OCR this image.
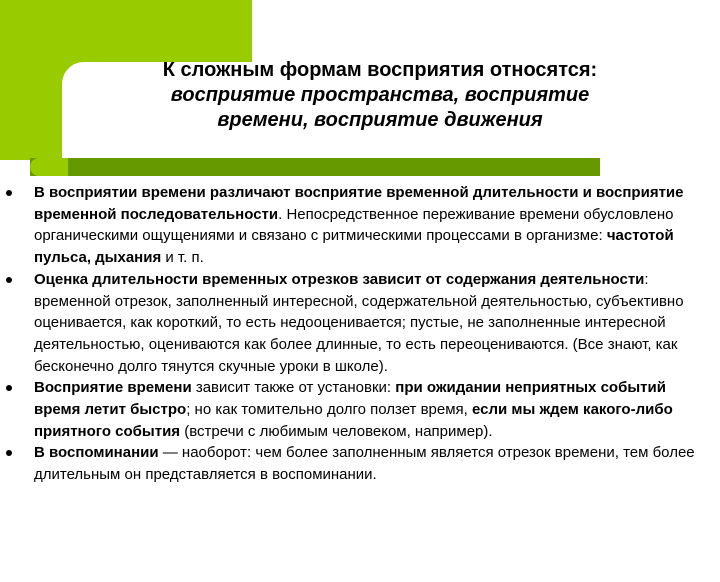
К сложным формам восприятия относятся:
восприятие пространства, восприятие
времени, восприятие движения
В восприятии времени различают восприятие временной длительности и восприятие временной последовательности. Непосредственное переживание времени обусловлено органическими ощущениями и связано с ритмическими процессами в организме: частотой пульса, дыхания и т. п.
Оценка длительности временных отрезков зависит от содержания деятельности: временной отрезок, заполненный интересной, содержательной деятельностью, субъективно оценивается, как короткий, то есть недооценивается; пустые, не заполненные интересной деятельностью, оцениваются как более длинные, то есть переоцениваются. (Все знают, как бесконечно долго тянутся скучные уроки в школе).
Восприятие времени зависит также от установки: при ожидании неприятных событий время летит быстро; но как томительно долго ползет время, если мы ждем какого-либо приятного события (встречи с любимым человеком, например).
В воспоминании — наоборот: чем более заполненным является отрезок времени, тем более длительным он представляется в воспоминании.
